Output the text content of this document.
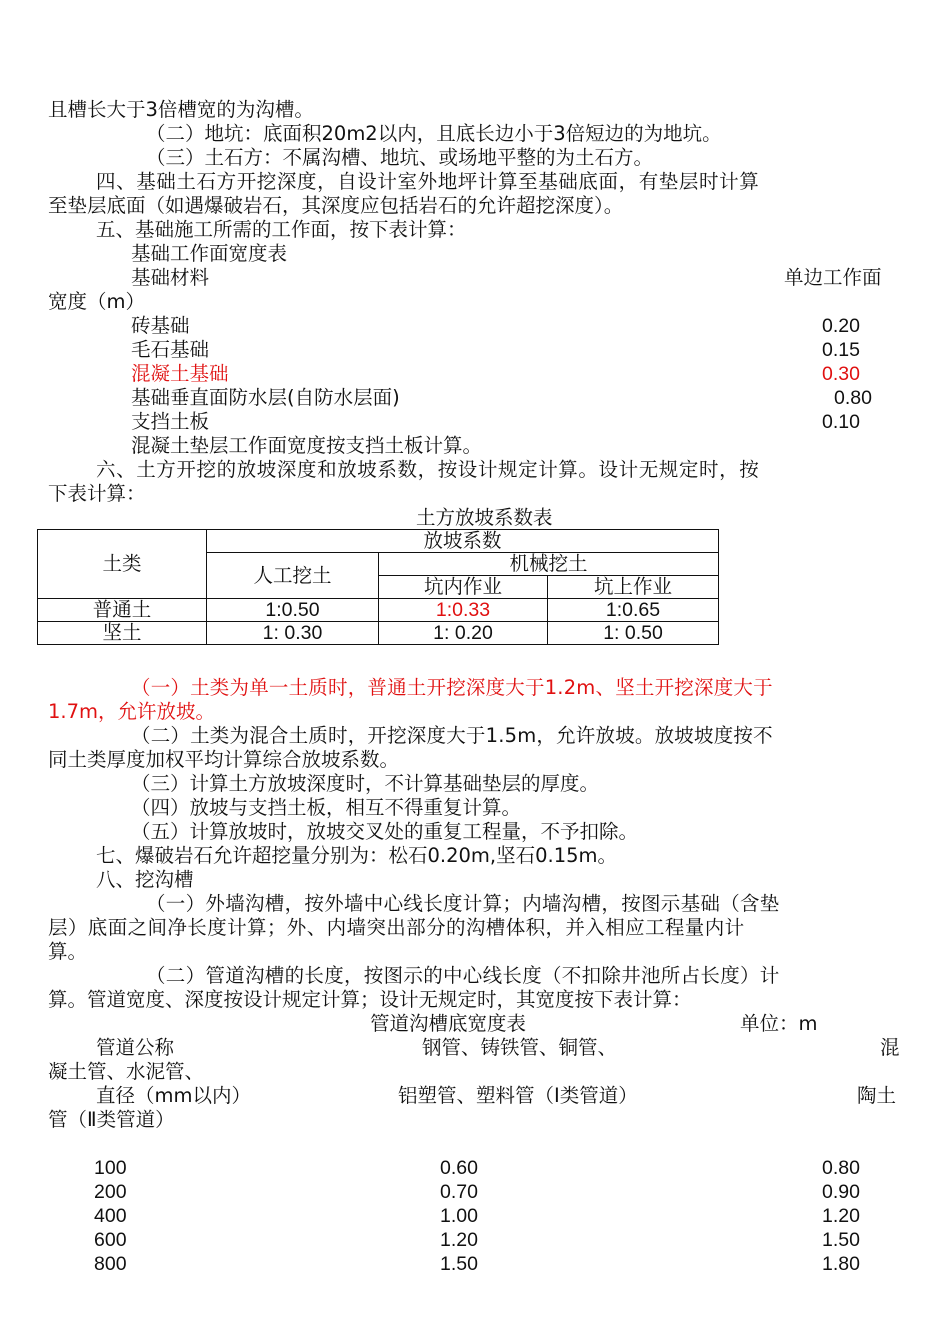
且槽长大于3倍槽宽的为沟槽。
（二）地坑：底面积20m2以内，且底长边小于3倍短边的为地坑。
（三）土石方：不属沟槽、地坑、或场地平整的为土石方。
四、基础土石方开挖深度，自设计室外地坪计算至基础底面，有垫层时计算
至垫层底面（如遇爆破岩石，其深度应包括岩石的允许超挖深度）。
五、基础施工所需的工作面，按下表计算：
基础工作面宽度表
基础材料	单边工作面
宽度（m）
砖基础	0.20
毛石基础	0.15
混凝土基础	0.30
基础垂直面防水层(自防水层面)	0.80
支挡土板	0.10
混凝土垫层工作面宽度按支挡土板计算。
六、土方开挖的放坡深度和放坡系数，按设计规定计算。设计无规定时，按
下表计算：
土方放坡系数表
土类	放坡系数		
	人工挖土	机械挖土	
		坑内作业	坑上作业
普通土	1:0.50	1:0.33	1:0.65
坚土	1: 0.30	1: 0.20	1: 0.50
（一）土类为单一土质时，普通土开挖深度大于1.2m、坚土开挖深度大于
1.7m，允许放坡。
（二）土类为混合土质时，开挖深度大于1.5m，允许放坡。放坡坡度按不
同土类厚度加权平均计算综合放坡系数。
（三）计算土方放坡深度时，不计算基础垫层的厚度。
（四）放坡与支挡土板，相互不得重复计算。
（五）计算放坡时，放坡交叉处的重复工程量，不予扣除。
七、爆破岩石允许超挖量分别为：松石0.20m,坚石0.15m。
八、挖沟槽
（一）外墙沟槽，按外墙中心线长度计算；内墙沟槽，按图示基础（含垫
层）底面之间净长度计算；外、内墙突出部分的沟槽体积，并入相应工程量内计
算。
（二）管道沟槽的长度，按图示的中心线长度（不扣除井池所占长度）计
算。管道宽度、深度按设计规定计算；设计无规定时，其宽度按下表计算：
管道沟槽底宽度表	单位：m
管道公称	钢管、铸铁管、铜管、	混
凝土管、水泥管、
直径（mm以内）	铝塑管、塑料管（Ⅰ类管道）	陶土
管（Ⅱ类管道）
100	0.60	0.80
200	0.70	0.90
400	1.00	1.20
600	1.20	1.50
800	1.50	1.80
